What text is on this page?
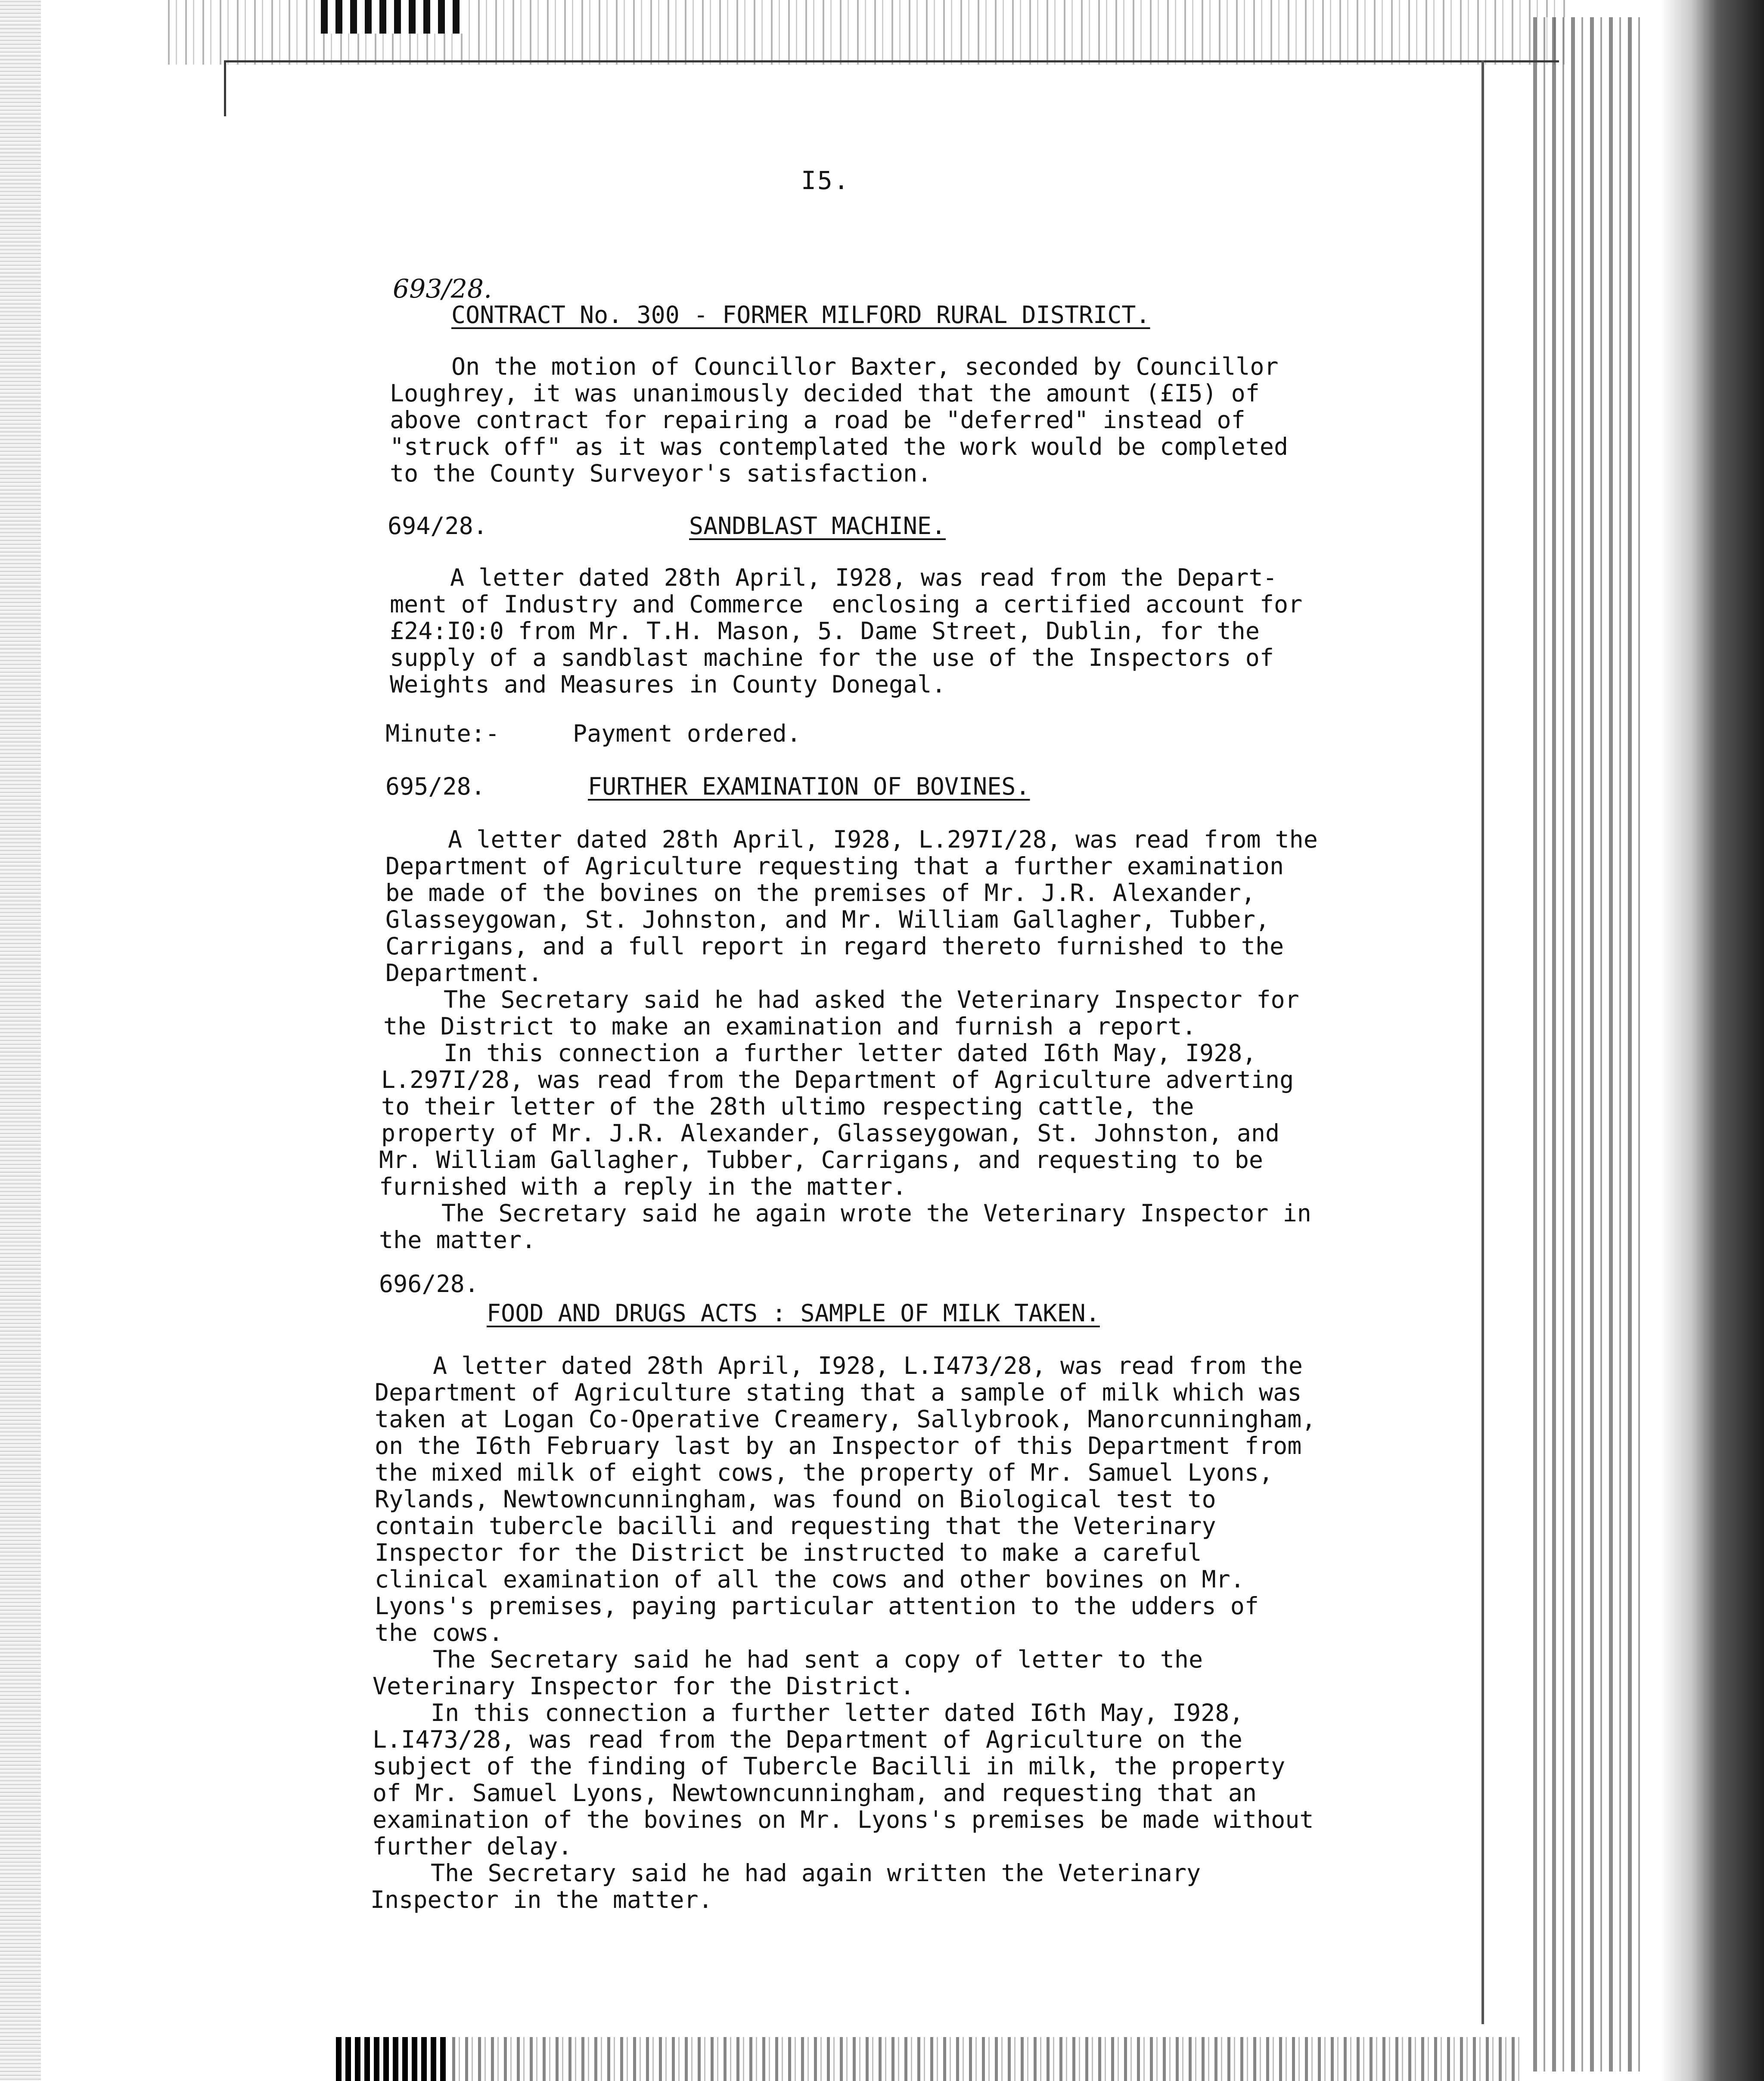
I5.
693/28.
CONTRACT No. 300 - FORMER MILFORD RURAL DISTRICT.
On the motion of Councillor Baxter, seconded by Councillor
Loughrey, it was unanimously decided that the amount (£I5) of
above contract for repairing a road be "deferred" instead of
"struck off" as it was contemplated the work would be completed
to the County Surveyor's satisfaction.
694/28.	SANDBLAST MACHINE.
A letter dated 28th April, I928, was read from the Depart-
ment of Industry and Commerce  enclosing a certified account for
£24:I0:0 from Mr. T.H. Mason, 5. Dame Street, Dublin, for the
supply of a sandblast machine for the use of the Inspectors of
Weights and Measures in County Donegal.
Minute:-	Payment ordered.
695/28.	FURTHER EXAMINATION OF BOVINES.
A letter dated 28th April, I928, L.297I/28, was read from the
Department of Agriculture requesting that a further examination
be made of the bovines on the premises of Mr. J.R. Alexander,
Glasseygowan, St. Johnston, and Mr. William Gallagher, Tubber,
Carrigans, and a full report in regard thereto furnished to the
Department.
The Secretary said he had asked the Veterinary Inspector for
the District to make an examination and furnish a report.
In this connection a further letter dated I6th May, I928,
L.297I/28, was read from the Department of Agriculture adverting
to their letter of the 28th ultimo respecting cattle, the
property of Mr. J.R. Alexander, Glasseygowan, St. Johnston, and
Mr. William Gallagher, Tubber, Carrigans, and requesting to be
furnished with a reply in the matter.
The Secretary said he again wrote the Veterinary Inspector in
the matter.
696/28.
FOOD AND DRUGS ACTS : SAMPLE OF MILK TAKEN.
A letter dated 28th April, I928, L.I473/28, was read from the
Department of Agriculture stating that a sample of milk which was
taken at Logan Co-Operative Creamery, Sallybrook, Manorcunningham,
on the I6th February last by an Inspector of this Department from
the mixed milk of eight cows, the property of Mr. Samuel Lyons,
Rylands, Newtowncunningham, was found on Biological test to
contain tubercle bacilli and requesting that the Veterinary
Inspector for the District be instructed to make a careful
clinical examination of all the cows and other bovines on Mr.
Lyons's premises, paying particular attention to the udders of
the cows.
The Secretary said he had sent a copy of letter to the
Veterinary Inspector for the District.
In this connection a further letter dated I6th May, I928,
L.I473/28, was read from the Department of Agriculture on the
subject of the finding of Tubercle Bacilli in milk, the property
of Mr. Samuel Lyons, Newtowncunningham, and requesting that an
examination of the bovines on Mr. Lyons's premises be made without
further delay.
The Secretary said he had again written the Veterinary
Inspector in the matter.
